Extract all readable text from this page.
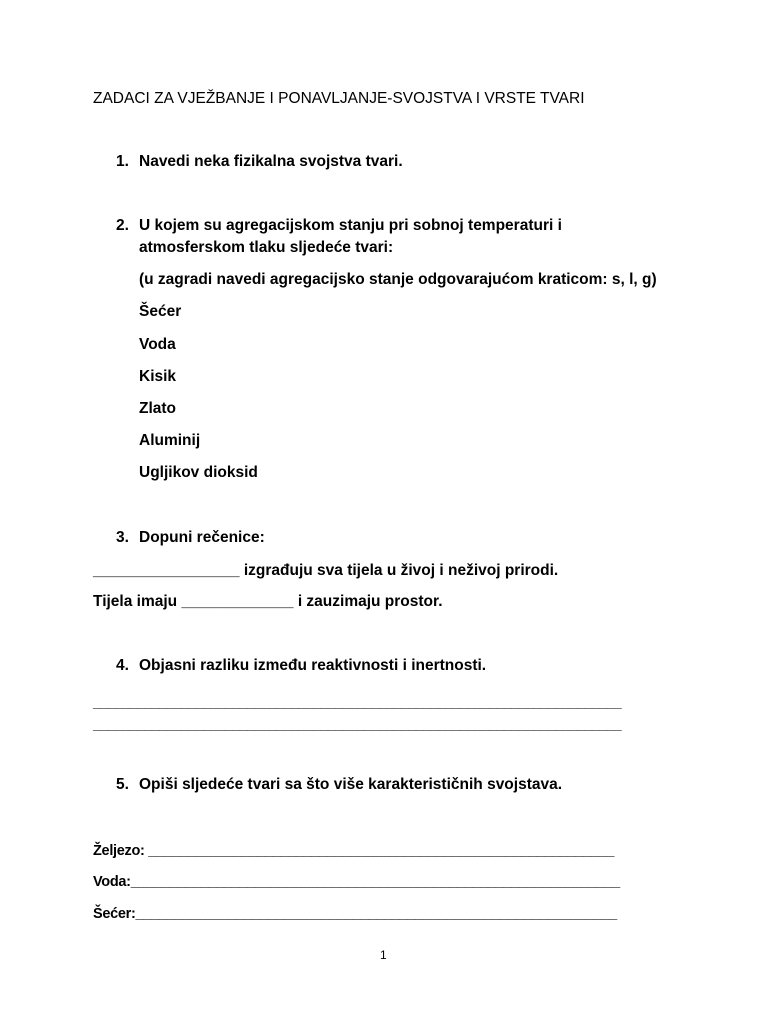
ZADACI ZA VJEŽBANJE I PONAVLJANJE-SVOJSTVA I VRSTE TVARI
1. Navedi neka fizikalna svojstva tvari.
2. U kojem su agregacijskom stanju pri sobnoj temperaturi i
atmosferskom tlaku sljedeće tvari:
(u zagradi navedi agregacijsko stanje odgovarajućom kraticom: s, l, g)
Šećer
Voda
Kisik
Zlato
Aluminij
Ugljikov dioksid
3. Dopuni rečenice:
_________________ izgrađuju sva tijela u živoj i neživoj prirodi.
Tijela imaju _____________ i zauzimaju prostor.
4. Objasni razliku između reaktivnosti i inertnosti.
________________________________________________________________________
________________________________________________________________________
5. Opiši sljedeće tvari sa što više karakterističnih svojstava.
Željezo: ____________________________________________________________
Voda:_______________________________________________________________
Šećer:______________________________________________________________
1
